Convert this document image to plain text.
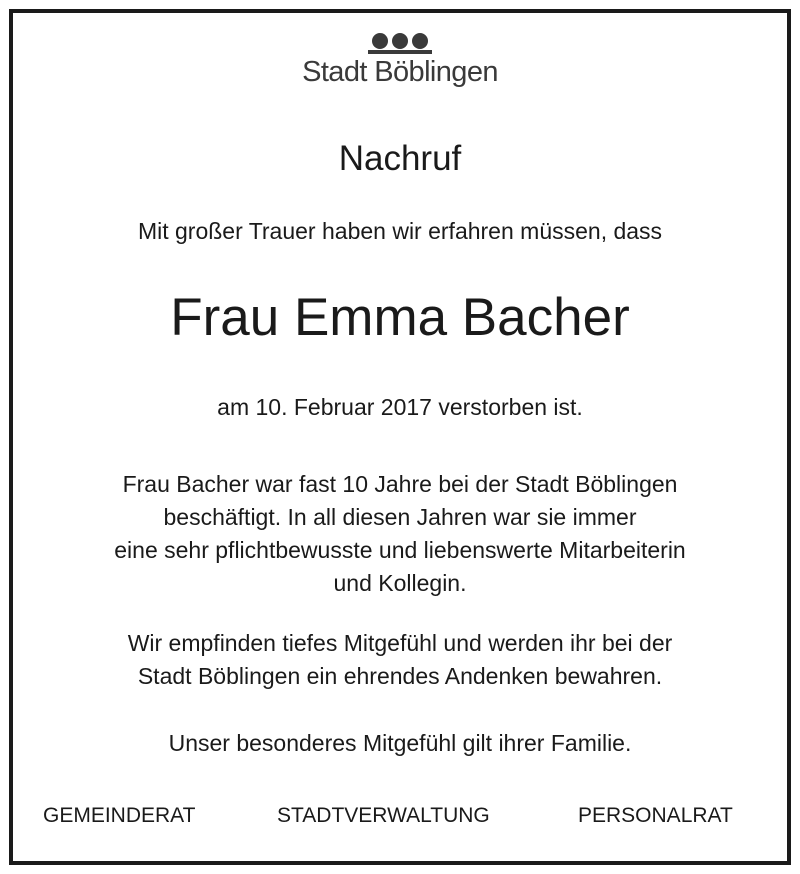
Stadt Böblingen
Nachruf
Mit großer Trauer haben wir erfahren müssen, dass
Frau Emma Bacher
am 10. Februar 2017 verstorben ist.
Frau Bacher war fast 10 Jahre bei der Stadt Böblingen
beschäftigt. In all diesen Jahren war sie immer
eine sehr pflichtbewusste und liebenswerte Mitarbeiterin
und Kollegin.
Wir empfinden tiefes Mitgefühl und werden ihr bei der
Stadt Böblingen ein ehrendes Andenken bewahren.
Unser besonderes Mitgefühl gilt ihrer Familie.
GEMEINDERAT	STADTVERWALTUNG	PERSONALRAT
